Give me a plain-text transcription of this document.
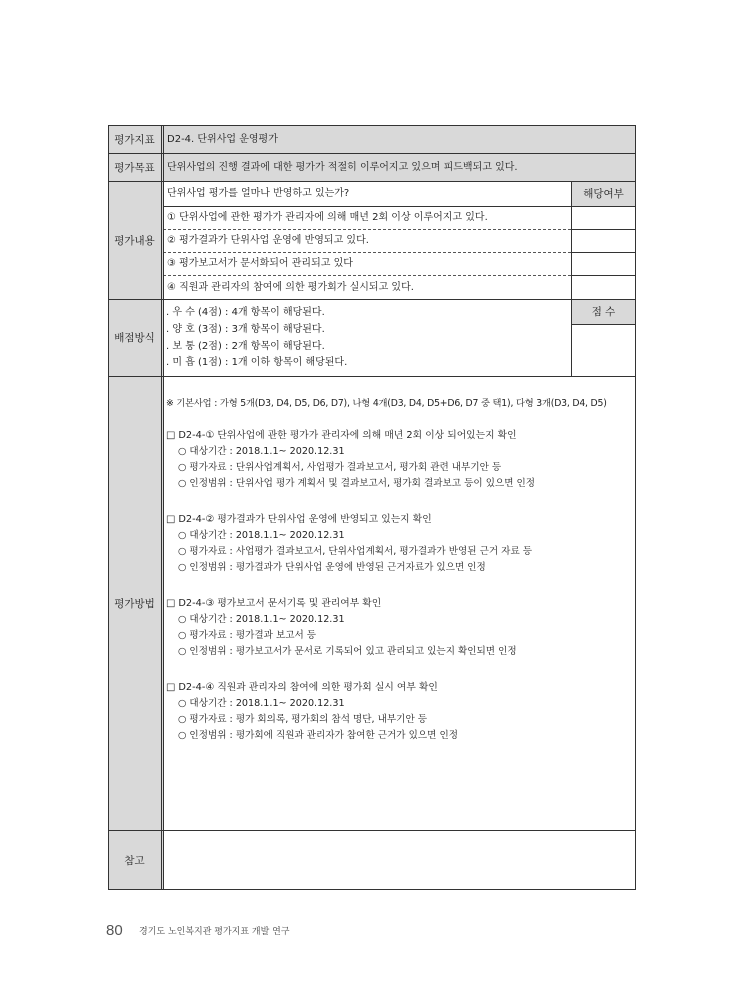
평가지표
평가목표
평가내용
배점방식
평가방법
참고
D2-4. 단위사업 운영평가
단위사업의 진행 결과에 대한 평가가 적절히 이루어지고 있으며 피드백되고 있다.
단위사업 평가를 얼마나 반영하고 있는가?	해당여부
① 단위사업에 관한 평가가 관리자에 의해 매년 2회 이상 이루어지고 있다.
② 평가결과가 단위사업 운영에 반영되고 있다.
③ 평가보고서가 문서화되어 관리되고 있다
④ 직원과 관리자의 참여에 의한 평가회가 실시되고 있다.
점 수
. 우 수 (4점) : 4개 항목이 해당된다.
. 양 호 (3점) : 3개 항목이 해당된다.
. 보 통 (2점) : 2개 항목이 해당된다.
. 미 흡 (1점) : 1개 이하 항목이 해당된다.
※ 기본사업 : 가형 5개(D3, D4, D5, D6, D7), 나형 4개(D3, D4, D5+D6, D7 중 택1), 다형 3개(D3, D4, D5)
□ D2-4-① 단위사업에 관한 평가가 관리자에 의해 매년 2회 이상 되어있는지 확인
○ 대상기간 : 2018.1.1~ 2020.12.31
○ 평가자료 : 단위사업계획서, 사업평가 결과보고서, 평가회 관련 내부기안 등
○ 인정범위 : 단위사업 평가 계획서 및 결과보고서, 평가회 결과보고 등이 있으면 인정
□ D2-4-② 평가결과가 단위사업 운영에 반영되고 있는지 확인
○ 대상기간 : 2018.1.1~ 2020.12.31
○ 평가자료 : 사업평가 결과보고서, 단위사업계획서, 평가결과가 반영된 근거 자료 등
○ 인정범위 : 평가결과가 단위사업 운영에 반영된 근거자료가 있으면 인정
□ D2-4-③ 평가보고서 문서기록 및 관리여부 확인
○ 대상기간 : 2018.1.1~ 2020.12.31
○ 평가자료 : 평가결과 보고서 등
○ 인정범위 : 평가보고서가 문서로 기록되어 있고 관리되고 있는지 확인되면 인정
□ D2-4-④ 직원과 관리자의 참여에 의한 평가회 실시 여부 확인
○ 대상기간 : 2018.1.1~ 2020.12.31
○ 평가자료 : 평가 회의록, 평가회의 참석 명단, 내부기안 등
○ 인정범위 : 평가회에 직원과 관리자가 참여한 근거가 있으면 인정
80 경기도 노인복지관 평가지표 개발 연구
